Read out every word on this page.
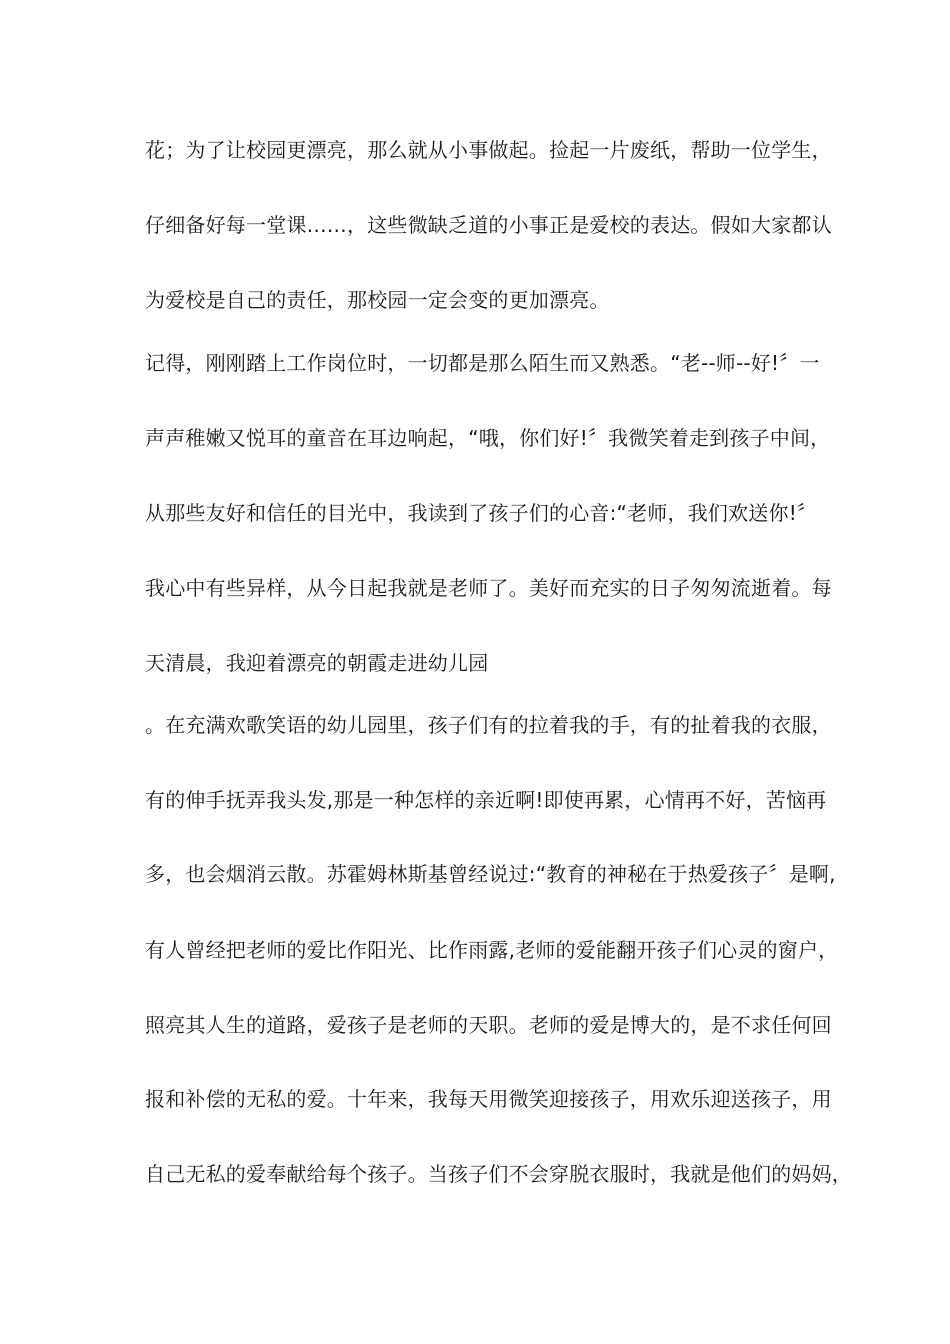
花；为了让校园更漂亮，那么就从小事做起。捡起一片废纸，帮助一位学生，
仔细备好每一堂课……，这些微缺乏道的小事正是爱校的表达。假如大家都认
为爱校是自己的责任，那校园一定会变的更加漂亮。
记得，刚刚踏上工作岗位时，一切都是那么陌生而又熟悉。“老--师--好!〞一
声声稚嫩又悦耳的童音在耳边响起，“哦，你们好!〞我微笑着走到孩子中间，
从那些友好和信任的目光中，我读到了孩子们的心音:“老师，我们欢送你!〞
我心中有些异样，从今日起我就是老师了。美好而充实的日子匆匆流逝着。每
天清晨，我迎着漂亮的朝霞走进幼儿园
。在充满欢歌笑语的幼儿园里，孩子们有的拉着我的手，有的扯着我的衣服，
有的伸手抚弄我头发,那是一种怎样的亲近啊!即使再累，心情再不好，苦恼再
多，也会烟消云散。苏霍姆林斯基曾经说过:“教育的神秘在于热爱孩子〞是啊,
有人曾经把老师的爱比作阳光、比作雨露,老师的爱能翻开孩子们心灵的窗户，
照亮其人生的道路，爱孩子是老师的天职。老师的爱是博大的，是不求任何回
报和补偿的无私的爱。十年来，我每天用微笑迎接孩子，用欢乐迎送孩子，用
自己无私的爱奉献给每个孩子。当孩子们不会穿脱衣服时，我就是他们的妈妈，
